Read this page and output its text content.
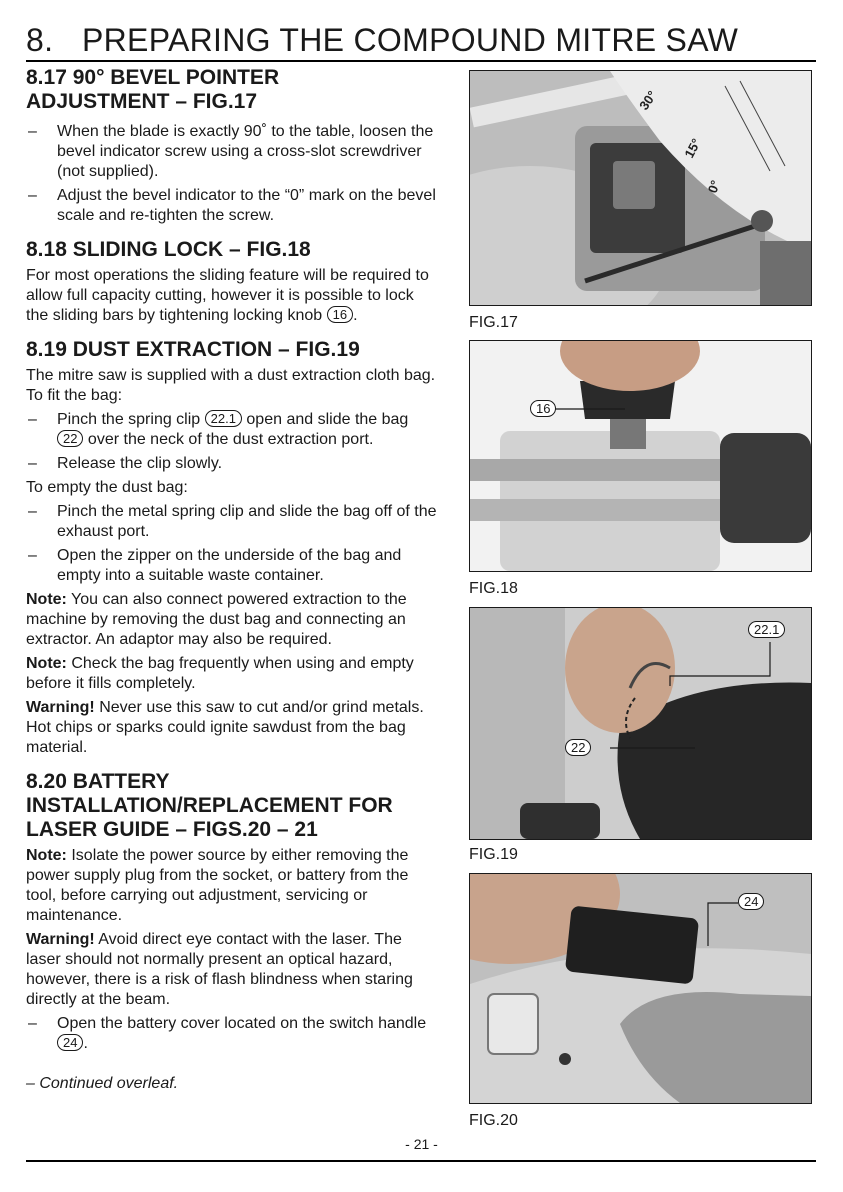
8. PREPARING THE COMPOUND MITRE SAW
8.17 90° BEVEL POINTER ADJUSTMENT – FIG.17

– When the blade is exactly 90˚ to the table, loosen the bevel indicator screw using a cross-slot screwdriver (not supplied).

– Adjust the bevel indicator to the “0” mark on the bevel scale and re-tighten the screw.

8.18 SLIDING LOCK – FIG.18

For most operations the sliding feature will be required to allow full capacity cutting, however it is possible to lock the sliding bars by tightening locking knob 16 .

8.19 DUST EXTRACTION – FIG.19

The mitre saw is supplied with a dust extraction cloth bag. To fit the bag:

– Pinch the spring clip 22.1 open and slide the bag 22 over the neck of the dust extraction port.

– Release the clip slowly.

To empty the dust bag:

– Pinch the metal spring clip and slide the bag off of the exhaust port.

– Open the zipper on the underside of the bag and empty into a suitable waste container.

Note: You can also connect powered extraction to the machine by removing the dust bag and connecting an extractor. An adaptor may also be required.

Note: Check the bag frequently when using and empty before it fills completely.

Warning! Never use this saw to cut and/or grind metals. Hot chips or sparks could ignite sawdust from the bag material.

8.20 BATTERY INSTALLATION/REPLACEMENT FOR LASER GUIDE – FIGS.20 – 21

Note: Isolate the power source by either removing the power supply plug from the socket, or battery from the tool, before carrying out adjustment, servicing or maintenance.

Warning! Avoid direct eye contact with the laser. The laser should not normally present an optical hazard, however, there is a risk of flash blindness when staring directly at the beam.

– Open the battery cover located on the switch handle 24 .

– Continued overleaf.

30°
15°
0°
FIG.17
16
FIG.18
22.1
22
FIG.19
24
FIG.20
- 21 -
